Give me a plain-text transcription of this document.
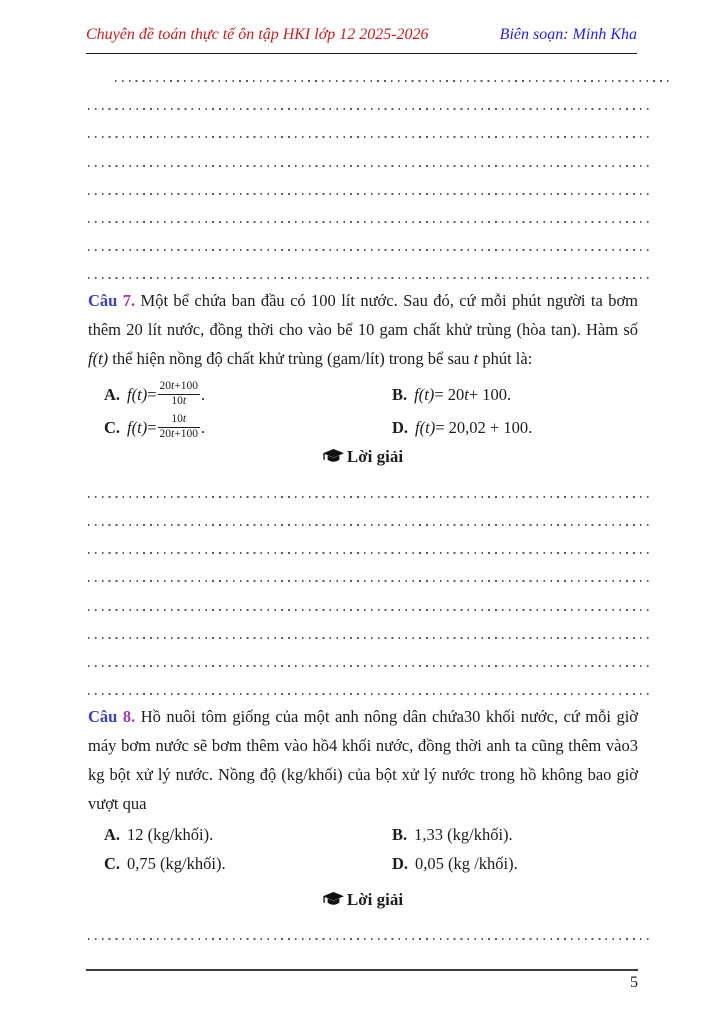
Chuyên đề toán thực tế ôn tập HKI lớp 12 2025-2026	Biên soạn: Minh Kha
Câu 7. Một bể chứa ban đầu có 100 lít nước. Sau đó, cứ mỗi phút người ta bơm thêm 20 lít nước, đồng thời cho vào bể 10 gam chất khử trùng (hòa tan). Hàm số f(t) thể hiện nồng độ chất khử trùng (gam/lít) trong bể sau t phút là:
A. $f(t) = \frac{20t+100}{10t}$ .	B. f(t) = 20 t + 100.
C. $f(t) = \frac{10t}{20t+100}$ .	D. f(t) = 20,02 + 100.
Lời giải
Câu 8. Hồ nuôi tôm giống của một anh nông dân chứa30 khối nước, cứ mỗi giờ máy bơm nước sẽ bơm thêm vào hồ4 khối nước, đồng thời anh ta cũng thêm vào3 kg bột xử lý nước. Nồng độ (kg/khối) của bột xử lý nước trong hồ không bao giờ vượt qua
A. 12 (kg/khối).	B. 1,33 (kg/khối).
C. 0,75 (kg/khối).	D. 0,05 (kg /khối).
Lời giải
5
